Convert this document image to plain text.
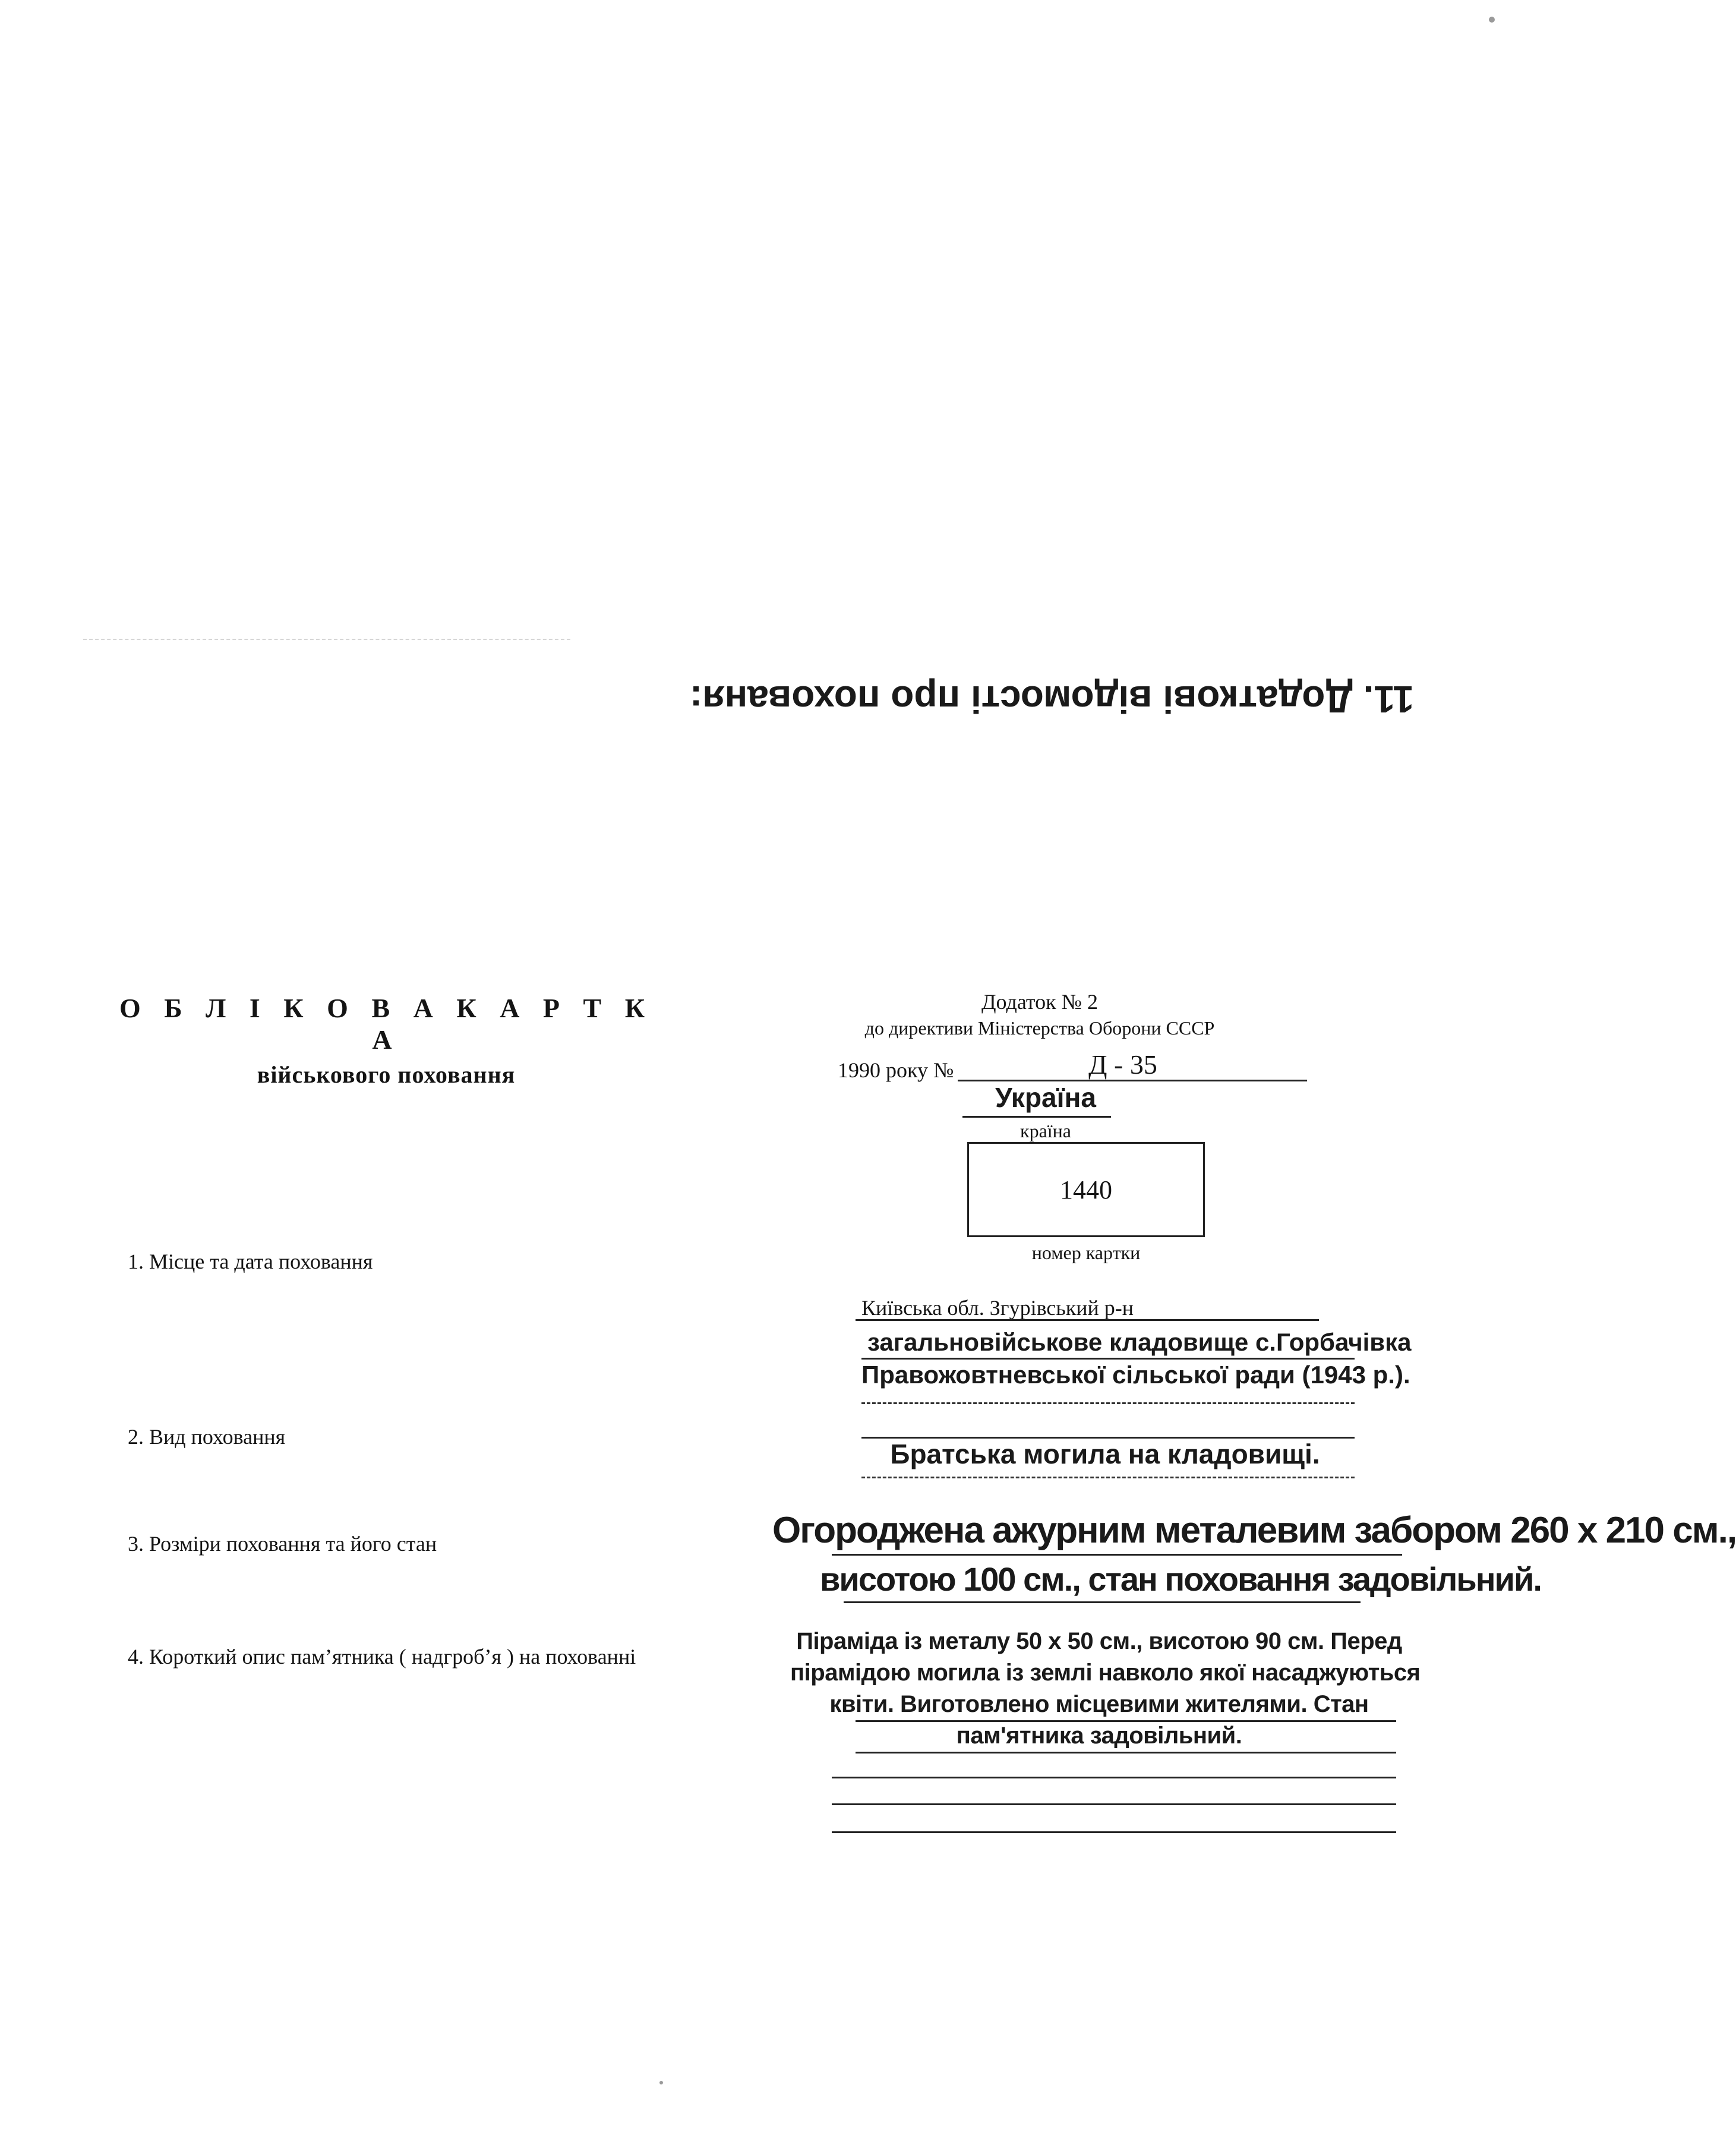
11. Додаткові відомості про похованя:
О Б Л І К О В А К А Р Т К А
військового поховання
1. Місце та дата поховання
2. Вид поховання
3. Розміри поховання та його стан
4. Короткий опис пам’ятника ( надгроб’я ) на похованні
Додаток № 2
до директиви Міністерства Оборони СССР
1990 року №	Д - 35
Україна
країна
1440
номер картки
Київська обл. Згурівський р-н
загальновійськове кладовище с.Горбачівка
Правожовтневської сільської ради (1943 р.).
Братська могила на кладовищі.
Огороджена ажурним металевим забором 260 х 210 см.,
висотою 100 см., стан поховання задовільний.
Піраміда із металу 50 х 50 см., висотою 90 см. Перед
пірамідою могила із землі навколо якої насаджуються
квіти. Виготовлено місцевими жителями. Стан
пам'ятника задовільний.
